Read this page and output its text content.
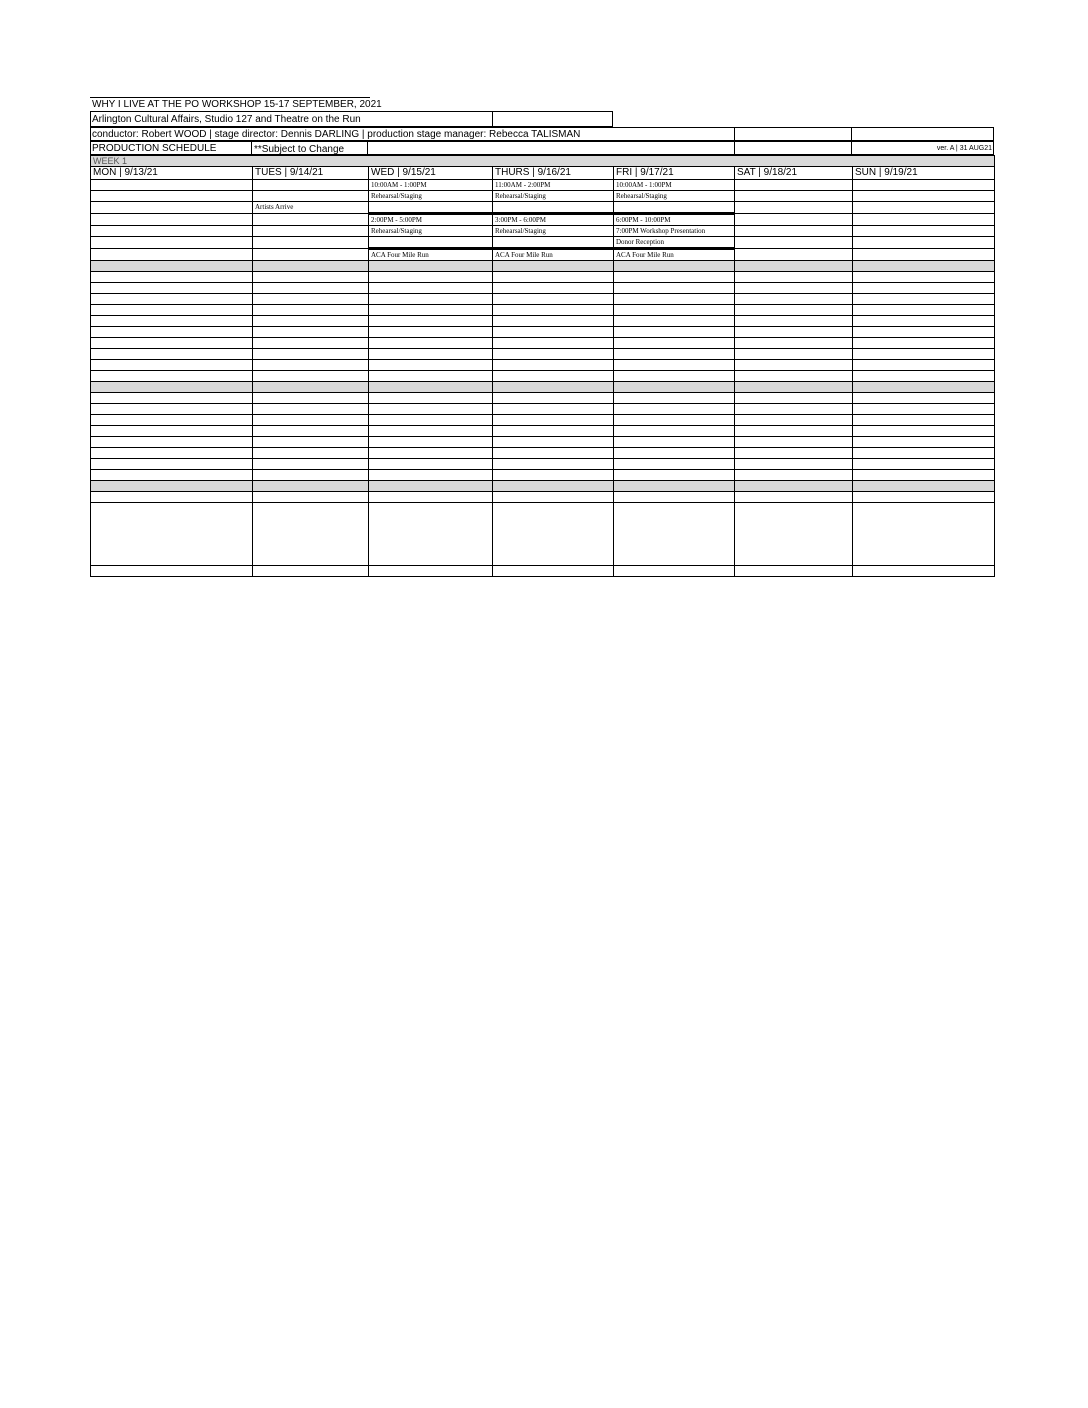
WHY I LIVE AT THE PO WORKSHOP 15-17 SEPTEMBER, 2021
Arlington Cultural Affairs, Studio 127 and Theatre on the Run
conductor: Robert WOOD | stage director: Dennis DARLING | production stage manager: Rebecca TALISMAN
PRODUCTION SCHEDULE	**Subject to Change	ver. A | 31 AUG21
WEEK 1						
MON | 9/13/21	TUES | 9/14/21	WED | 9/15/21	THURS | 9/16/21	FRI | 9/17/21	SAT | 9/18/21	SUN | 9/19/21
		10:00AM - 1:00PM	11:00AM - 2:00PM	10:00AM - 1:00PM		
		Rehearsal/Staging	Rehearsal/Staging	Rehearsal/Staging		
	Artists Arrive					
		2:00PM - 5:00PM	3:00PM - 6:00PM	6:00PM - 10:00PM		
		Rehearsal/Staging	Rehearsal/Staging	7:00PM Workshop Presentation		
				Donor Reception		
		ACA Four Mile Run	ACA Four Mile Run	ACA Four Mile Run		
